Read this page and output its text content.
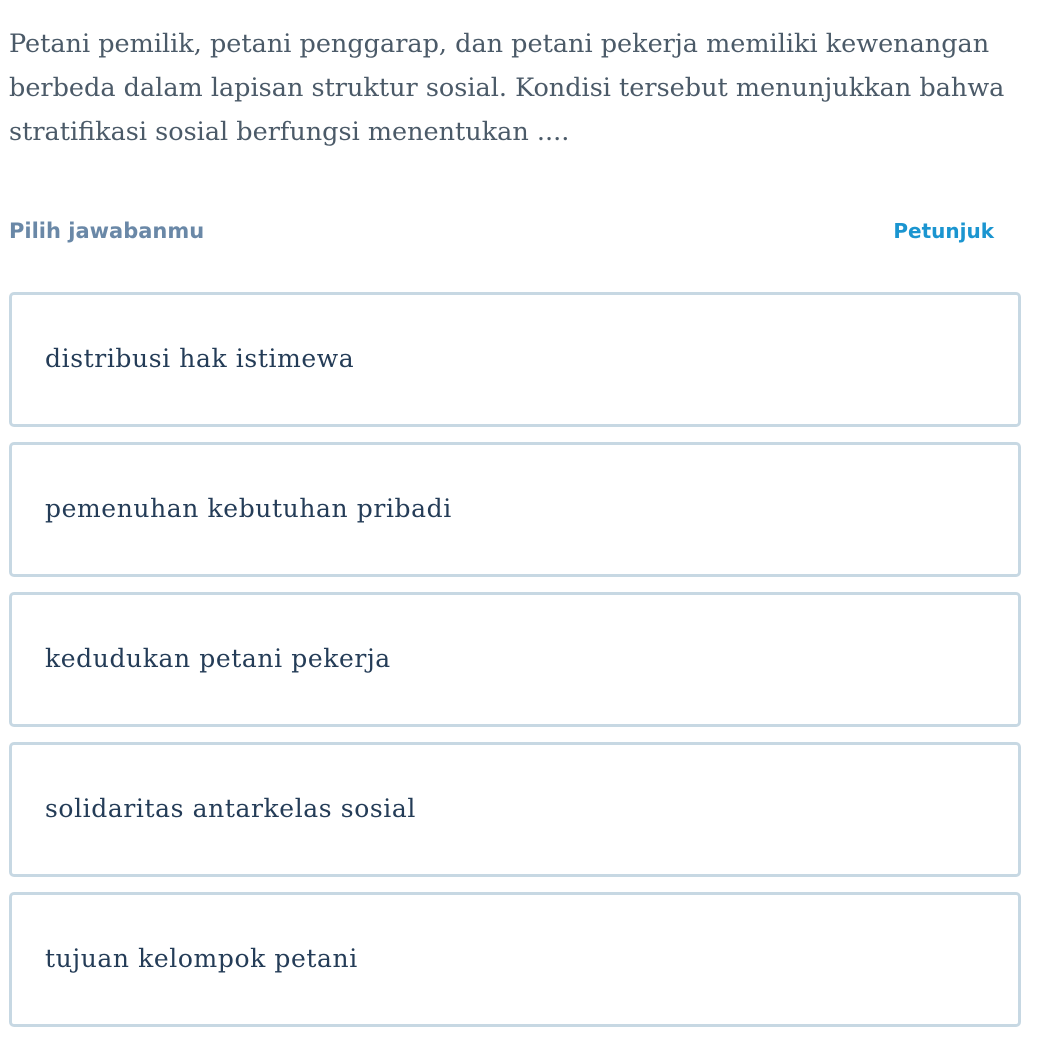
Petani pemilik, petani penggarap, dan petani pekerja memiliki kewenangan berbeda dalam lapisan struktur sosial. Kondisi tersebut menunjukkan bahwa stratifikasi sosial berfungsi menentukan ....

Pilih jawabanmu	Petunjuk
distribusi hak istimewa
pemenuhan kebutuhan pribadi
kedudukan petani pekerja
solidaritas antarkelas sosial
tujuan kelompok petani
